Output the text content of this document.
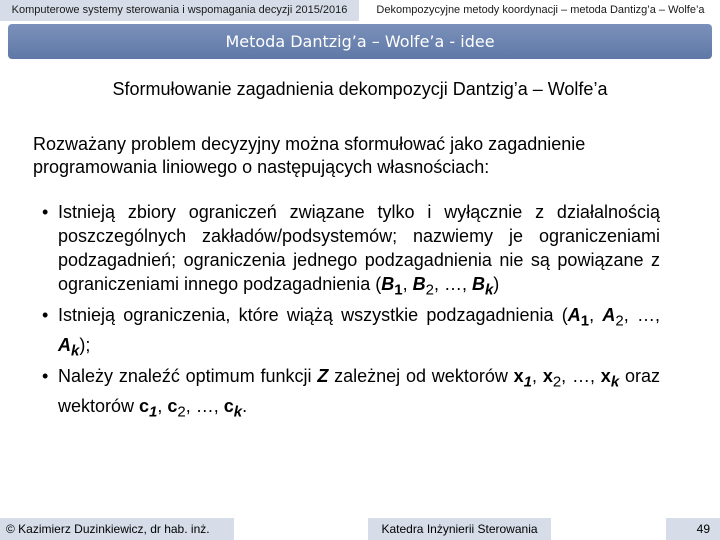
Komputerowe systemy sterowania i wspomagania decyzji 2015/2016	Dekompozycyjne metody koordynacji – metoda Dantizg’a – Wolfe’a
Metoda Dantzig’a – Wolfe’a - idee
Sformułowanie zagadnienia dekompozycji Dantzig’a – Wolfe’a
Rozważany problem decyzyjny można sformułować jako zagadnienie programowania liniowego o następujących własnościach:
• Istnieją zbiory ograniczeń związane tylko i wyłącznie z działalnością poszczególnych zakładów/podsystemów; nazwiemy je ograniczeniami podzagadnień; ograniczenia jednego podzagadnienia nie są powiązane z ograniczeniami innego podzagadnienia ($B_1$, $B_2$, …, $B_k$)
• Istnieją ograniczenia, które wiążą wszystkie podzagadnienia ($A_1$, $A_2$, …, $A_k$);
• Należy znaleźć optimum funkcji Z zależnej od wektorów $x_1$, $x_2$, …, $x_k$ oraz wektorów $c_1$, $c_2$, …, $c_k$.
© Kazimierz Duzinkiewicz, dr hab. inż.	Katedra Inżynierii Sterowania	49
